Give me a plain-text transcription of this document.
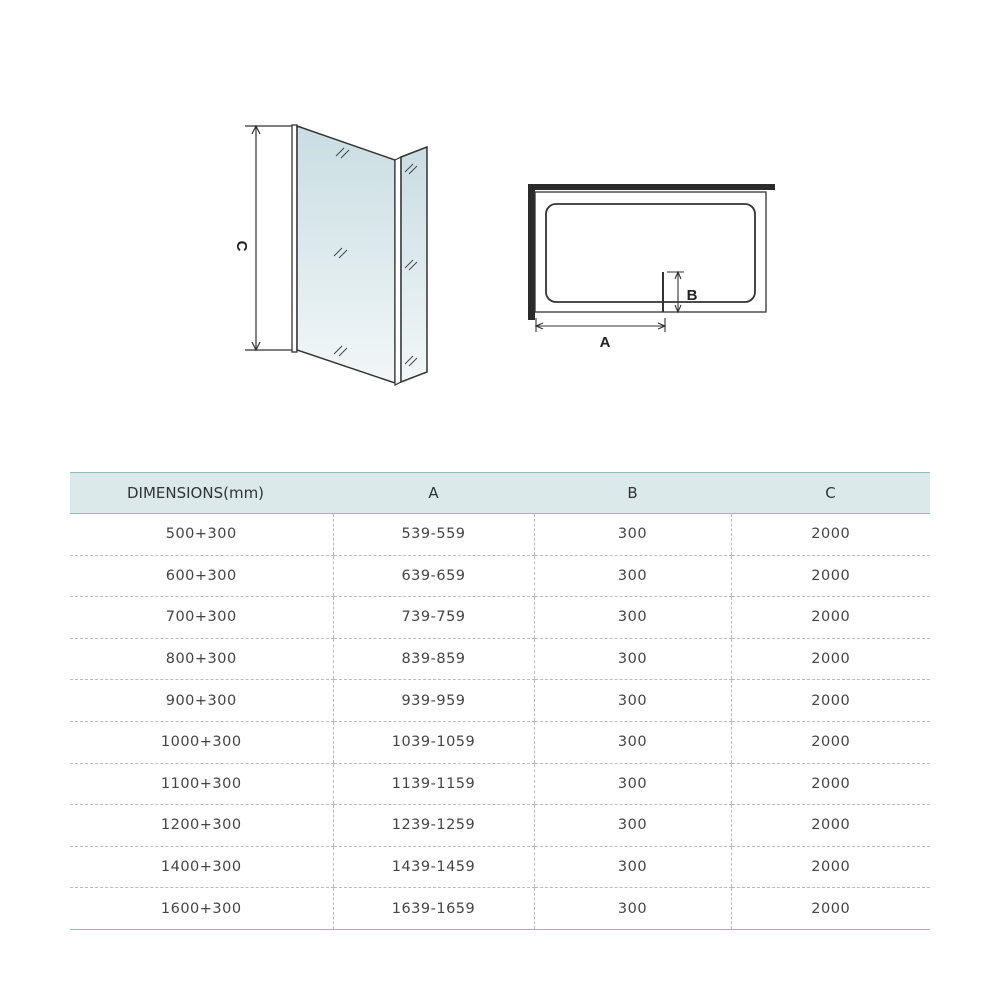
C
B
A
DIMENSIONS(mm)	A	B	C
500+300	539-559	300	2000
600+300	639-659	300	2000
700+300	739-759	300	2000
800+300	839-859	300	2000
900+300	939-959	300	2000
1000+300	1039-1059	300	2000
1100+300	1139-1159	300	2000
1200+300	1239-1259	300	2000
1400+300	1439-1459	300	2000
1600+300	1639-1659	300	2000
